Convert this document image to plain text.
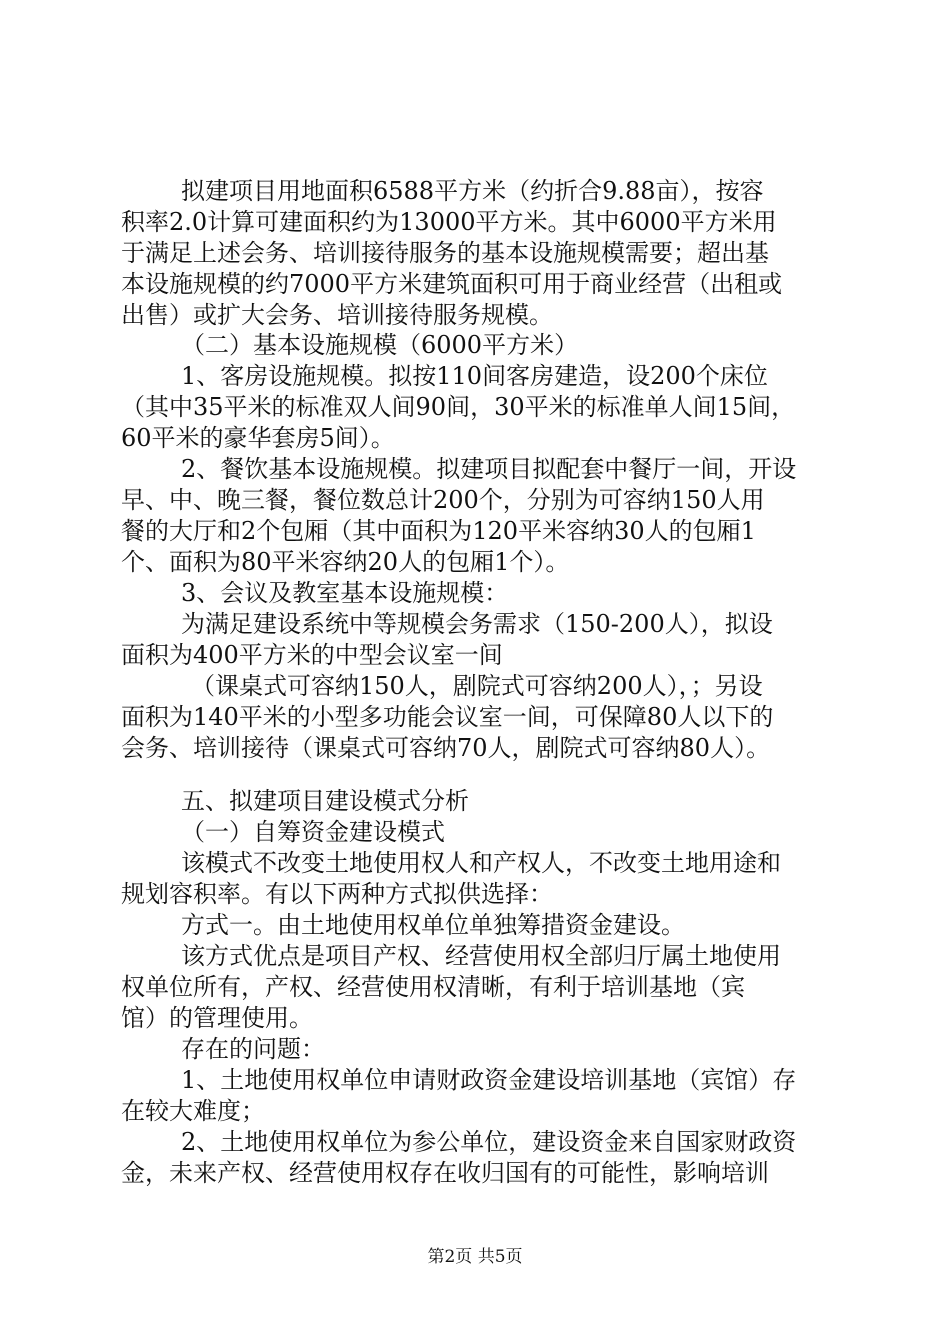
拟建项目用地面积6588平方米（约折合9.88亩），按容
积率2.0计算可建面积约为13000平方米。其中6000平方米用
于满足上述会务、培训接待服务的基本设施规模需要；超出基
本设施规模的约7000平方米建筑面积可用于商业经营（出租或
出售）或扩大会务、培训接待服务规模。
（二）基本设施规模（6000平方米）
1、客房设施规模。拟按110间客房建造，设200个床位
（其中35平米的标准双人间90间，30平米的标准单人间15间，
60平米的豪华套房5间）。
2、餐饮基本设施规模。拟建项目拟配套中餐厅一间，开设
早、中、晚三餐，餐位数总计200个，分别为可容纳150人用
餐的大厅和2个包厢（其中面积为120平米容纳30人的包厢1
个、面积为80平米容纳20人的包厢1个）。
3、会议及教室基本设施规模：
为满足建设系统中等规模会务需求（150-200人），拟设
面积为400平方米的中型会议室一间
（课桌式可容纳150人，剧院式可容纳200人），；另设
面积为140平米的小型多功能会议室一间，可保障80人以下的
会务、培训接待（课桌式可容纳70人，剧院式可容纳80人）。
五、拟建项目建设模式分析
（一）自筹资金建设模式
该模式不改变土地使用权人和产权人，不改变土地用途和
规划容积率。有以下两种方式拟供选择：
方式一。由土地使用权单位单独筹措资金建设。
该方式优点是项目产权、经营使用权全部归厅属土地使用
权单位所有，产权、经营使用权清晰，有利于培训基地（宾
馆）的管理使用。
存在的问题：
1、土地使用权单位申请财政资金建设培训基地（宾馆）存
在较大难度；
2、土地使用权单位为参公单位，建设资金来自国家财政资
金，未来产权、经营使用权存在收归国有的可能性，影响培训
第2页 共5页
